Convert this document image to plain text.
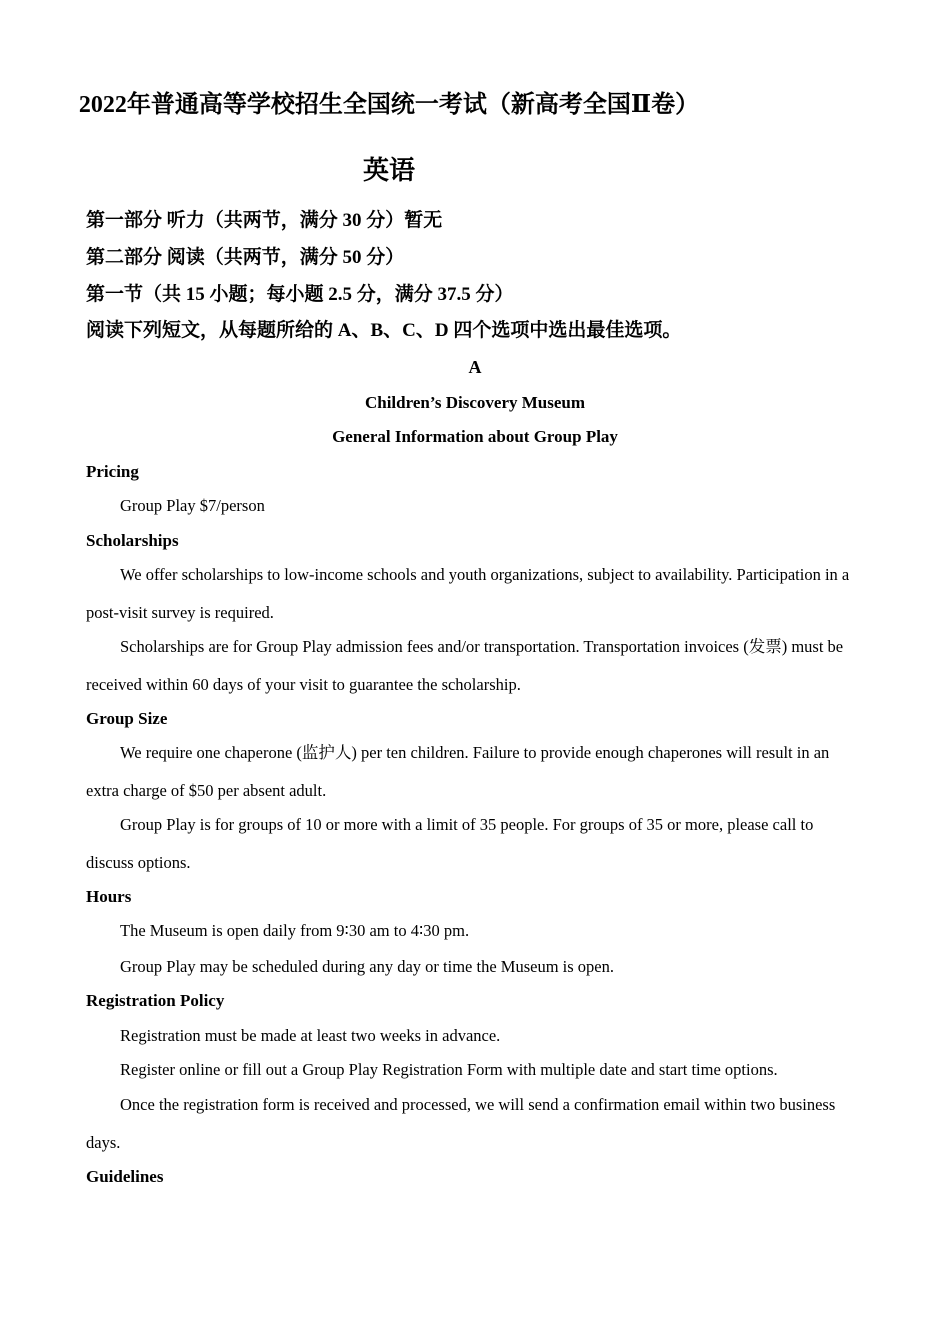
2022年普通高等学校招生全国统一考试（新高考全国Ⅱ卷）
英语
第一部分 听力（共两节，满分 30 分）暂无
第二部分 阅读（共两节，满分 50 分）
第一节（共 15 小题；每小题 2.5 分，满分 37.5 分）
阅读下列短文，从每题所给的 A、B、C、D 四个选项中选出最佳选项。
A
Children’s Discovery Museum
General Information about Group Play
Pricing
Group Play $7/person
Scholarships
We offer scholarships to low-income schools and youth organizations, subject to availability. Participation in a
post-visit survey is required.
Scholarships are for Group Play admission fees and/or transportation. Transportation invoices (发票) must be
received within 60 days of your visit to guarantee the scholarship.
Group Size
We require one chaperone (监护人) per ten children. Failure to provide enough chaperones will result in an
extra charge of $50 per absent adult.
Group Play is for groups of 10 or more with a limit of 35 people. For groups of 35 or more, please call to
discuss options.
Hours
The Museum is open daily from 9∶30 am to 4∶30 pm.
Group Play may be scheduled during any day or time the Museum is open.
Registration Policy
Registration must be made at least two weeks in advance.
Register online or fill out a Group Play Registration Form with multiple date and start time options.
Once the registration form is received and processed, we will send a confirmation email within two business
days.
Guidelines
